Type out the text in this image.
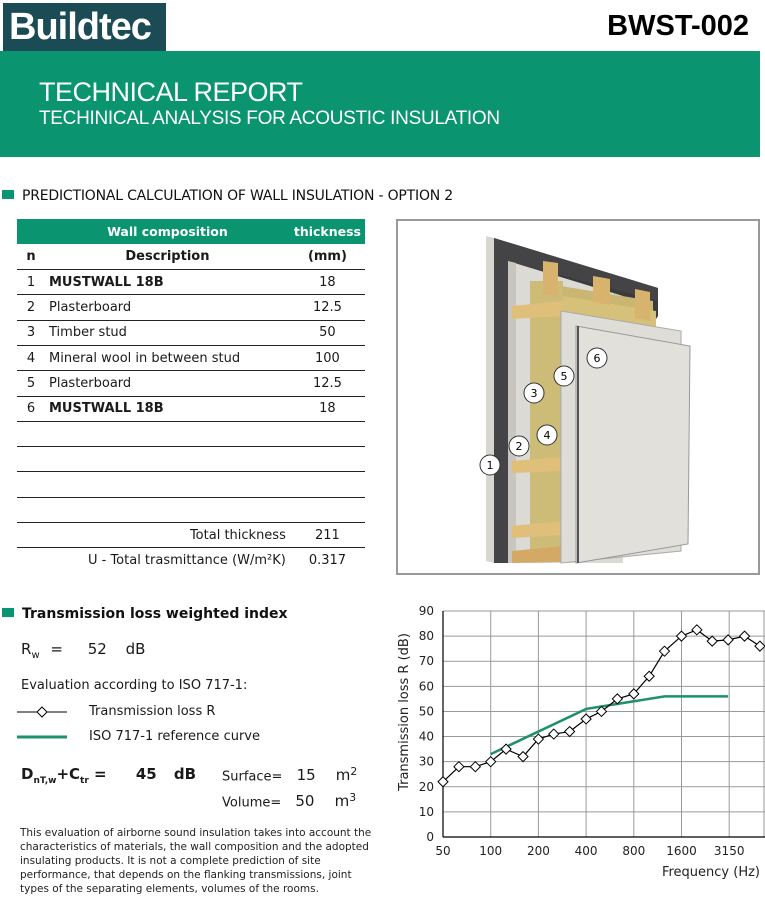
Buildtec	BWST-002
TECHNICAL REPORT
TECHINICAL ANALYSIS FOR ACOUSTIC INSULATION
PREDICTIONAL CALCULATION OF WALL INSULATION - OPTION 2
	Wall composition	thickness
n	Description	(mm)
1	MUSTWALL 18B	18
2	Plasterboard	12.5
3	Timber stud	50
4	Mineral wool in between stud	100
5	Plasterboard	12.5
6	MUSTWALL 18B	18

Total thickness		211
U - Total trasmittance (W/m²K)		0.317
1
2
3
4
5
6
Transmission loss weighted index
$R_w = 52$ dB
Evaluation according to ISO 717-1:
Transmission loss R
ISO 717-1 reference curve
$D_{nT,w}+C_{tr} = 45$ dB Surface= 15 $m^2$
Volume= 50 $m^3$
This evaluation of airborne sound insulation takes into account the characteristics of materials, the wall composition and the adopted insulating products. It is not a complete prediction of site performance, that depends on the flanking transmissions, joint types of the separating elements, volumes of the rooms.
0
10
20
30
40
50
60
70
80
90
50 100 200 400 800 1600 3150
Frequency (Hz)
Transmission loss R (dB)
